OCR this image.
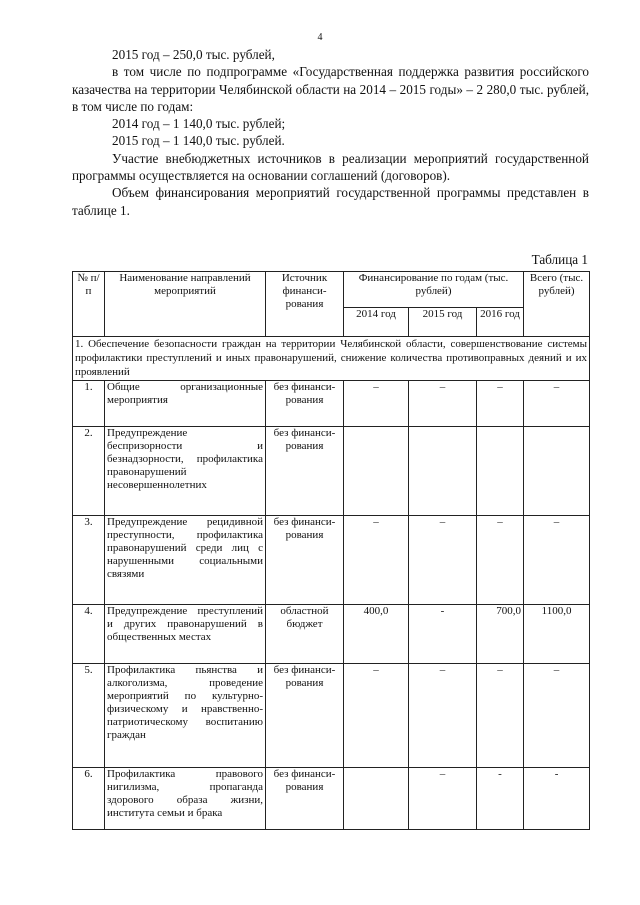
4

2015 год – 250,0 тыс. рублей,

в том числе по подпрограмме «Государственная поддержка развития российского казачества на территории Челябинской области на 2014 – 2015 годы» – 2 280,0 тыс. рублей, в том числе по годам:

2014 год – 1 140,0 тыс. рублей;

2015 год – 1 140,0 тыс. рублей.

Участие внебюджетных источников в реализации мероприятий государственной программы осуществляется на основании соглашений (договоров).

Объем финансирования мероприятий государственной программы представлен в таблице 1.

Таблица 1
№ п/п	Наименование направлений мероприятий	Источник финанси-рования	Финансирование по годам (тыс. рублей)			Всего (тыс. рублей)
			2014 год	2015 год	2016 год	
1. Обеспечение безопасности граждан на территории Челябинской области, совершенствование системы профилактики преступлений и иных правонарушений, снижение количества противоправных деяний и их проявлений						
1.	Общие организационные мероприятия	без финанси-рования	–	–	–	–
2.	Предупреждение беспризорности и безнадзорности, профилактика правонарушений несовершеннолетних	без финанси-рования				
3.	Предупреждение рецидивной преступности, профилактика правонарушений среди лиц с нарушенными социальными связями	без финанси-рования	–	–	–	–
4.	Предупреждение преступлений и других правонарушений в общественных местах	областной бюджет	400,0	-	700,0	1100,0
5.	Профилактика пьянства и алкоголизма, проведение мероприятий по культурно-физическому и нравственно-патриотическому воспитанию граждан	без финанси-рования	–	–	–	–
6.	Профилактика правового нигилизма, пропаганда здорового образа жизни, института семьи и брака	без финанси-рования		–	-	-
